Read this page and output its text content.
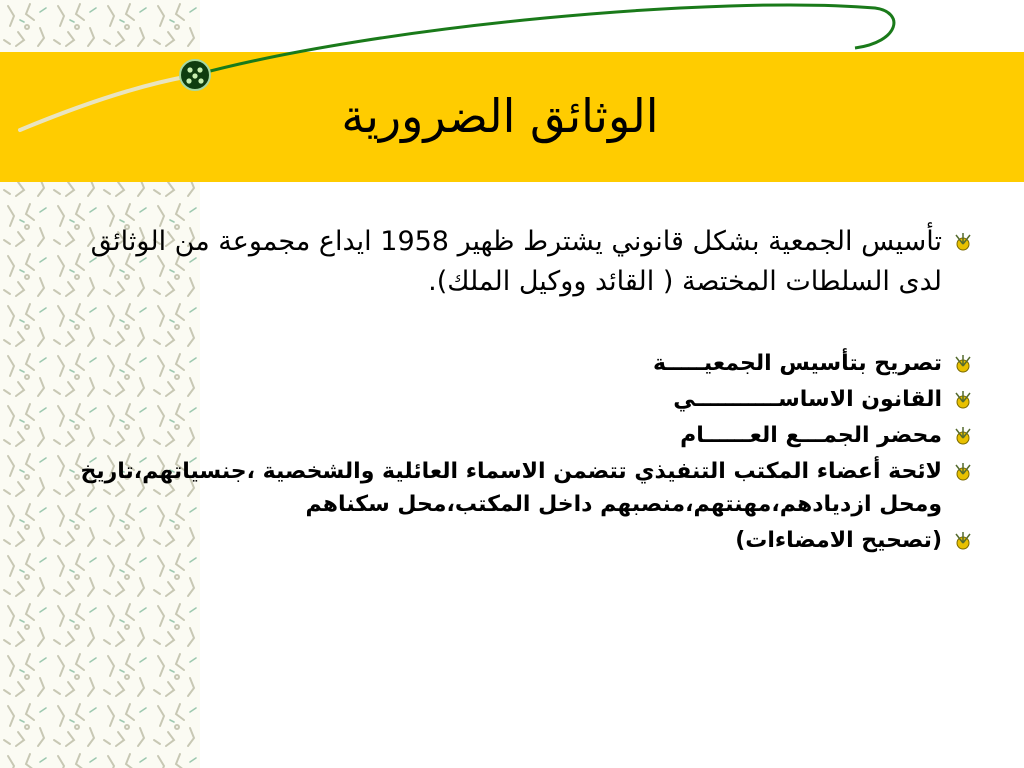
الوثائق الضرورية
تأسيس الجمعية بشكل قانوني يشترط ظهير 1958 ايداع مجموعة من الوثائق لدى السلطات المختصة ( القائد ووكيل الملك).
تصريح بتأسيس الجمعيـــــة
القانون الاساســـــــــــي
محضر الجمـــع العــــــام
لائحة أعضاء المكتب التنفيذي تتضمن الاسماء العائلية والشخصية ،جنسياتهم،تاريخ ومحل ازديادهم،مهنتهم،منصبهم داخل المكتب،محل سكناهم
(تصحيح الامضاءات)
